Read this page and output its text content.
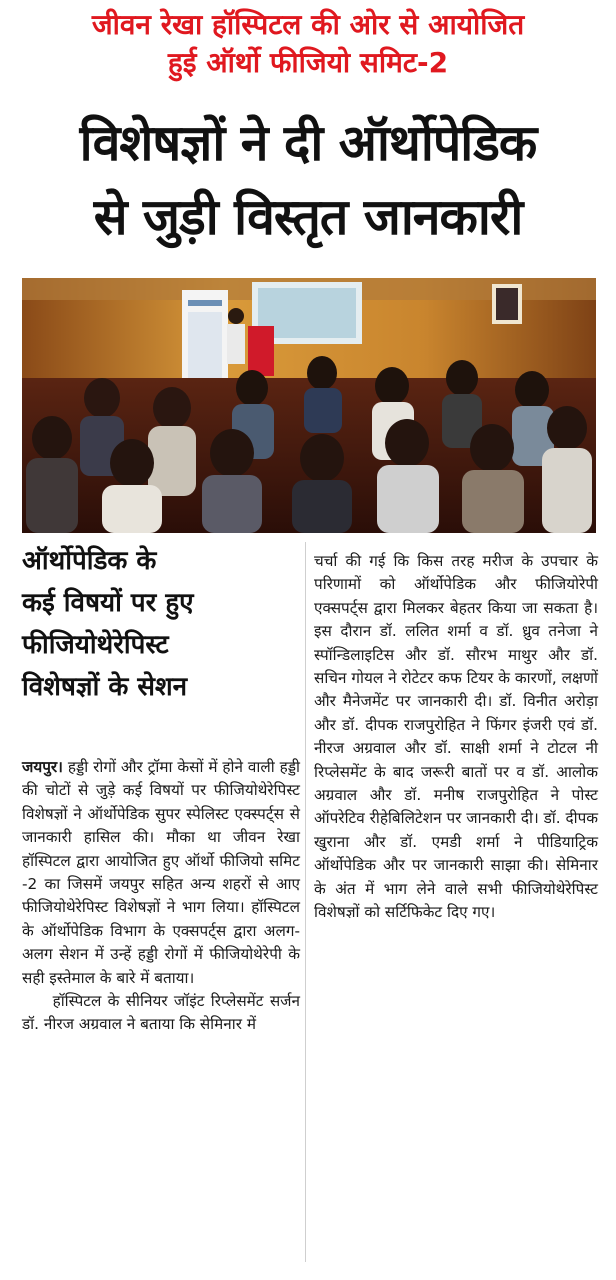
जीवन रेखा हॉस्पिटल की ओर से आयोजित
हुई ऑर्थो फीजियो समिट-2
विशेषज्ञों ने दी ऑर्थोपेडिक
से जुड़ी विस्तृत जानकारी
ऑर्थोपेडिक के
कई विषयों पर हुए
फीजियोथेरेपिस्ट
विशेषज्ञों के सेशन

जयपुर। हड्डी रोगों और ट्रॉमा केसों में होने वाली हड्डी की चोटों से जुड़े कई विषयों पर फीजियोथेरेपिस्ट विशेषज्ञों ने ऑर्थोपेडिक सुपर स्पेलिस्ट एक्स्पर्ट्स से जानकारी हासिल की। मौका था जीवन रेखा हॉस्पिटल द्वारा आयोजित हुए ऑर्थो फीजियो समिट -2 का जिसमें जयपुर सहित अन्य शहरों से आए फीजियोथेरेपिस्ट विशेषज्ञों ने भाग लिया। हॉस्पिटल के ऑर्थोपेडिक विभाग के एक्सपर्ट्स द्वारा अलग-अलग सेशन में उन्हें हड्डी रोगों में फीजियोथेरेपी के सही इस्तेमाल के बारे में बताया।

हॉस्पिटल के सीनियर जॉइंट रिप्लेसमेंट सर्जन डॉ. नीरज अग्रवाल ने बताया कि सेमिनार में

चर्चा की गई कि किस तरह मरीज के उपचार के परिणामों को ऑर्थोपेडिक और फीजियोरेपी एक्सपर्ट्स द्वारा मिलकर बेहतर किया जा सकता है। इस दौरान डॉ. ललित शर्मा व डॉ. ध्रुव तनेजा ने स्पॉन्डिलाइटिस और डॉ. सौरभ माथुर और डॉ. सचिन गोयल ने रोटेटर कफ टियर के कारणों, लक्षणों और मैनेजमेंट पर जानकारी दी। डॉ. विनीत अरोड़ा और डॉ. दीपक राजपुरोहित ने फिंगर इंजरी एवं डॉ. नीरज अग्रवाल और डॉ. साक्षी शर्मा ने टोटल नी रिप्लेसमेंट के बाद जरूरी बातों पर व डॉ. आलोक अग्रवाल और डॉ. मनीष राजपुरोहित ने पोस्ट ऑपरेटिव रीहेबिलिटेशन पर जानकारी दी। डॉ. दीपक खुराना और डॉ. एमडी शर्मा ने पीडियाट्रिक ऑर्थोपेडिक और पर जानकारी साझा की। सेमिनार के अंत में भाग लेने वाले सभी फीजियोथेरेपिस्ट विशेषज्ञों को सर्टिफिकेट दिए गए।
